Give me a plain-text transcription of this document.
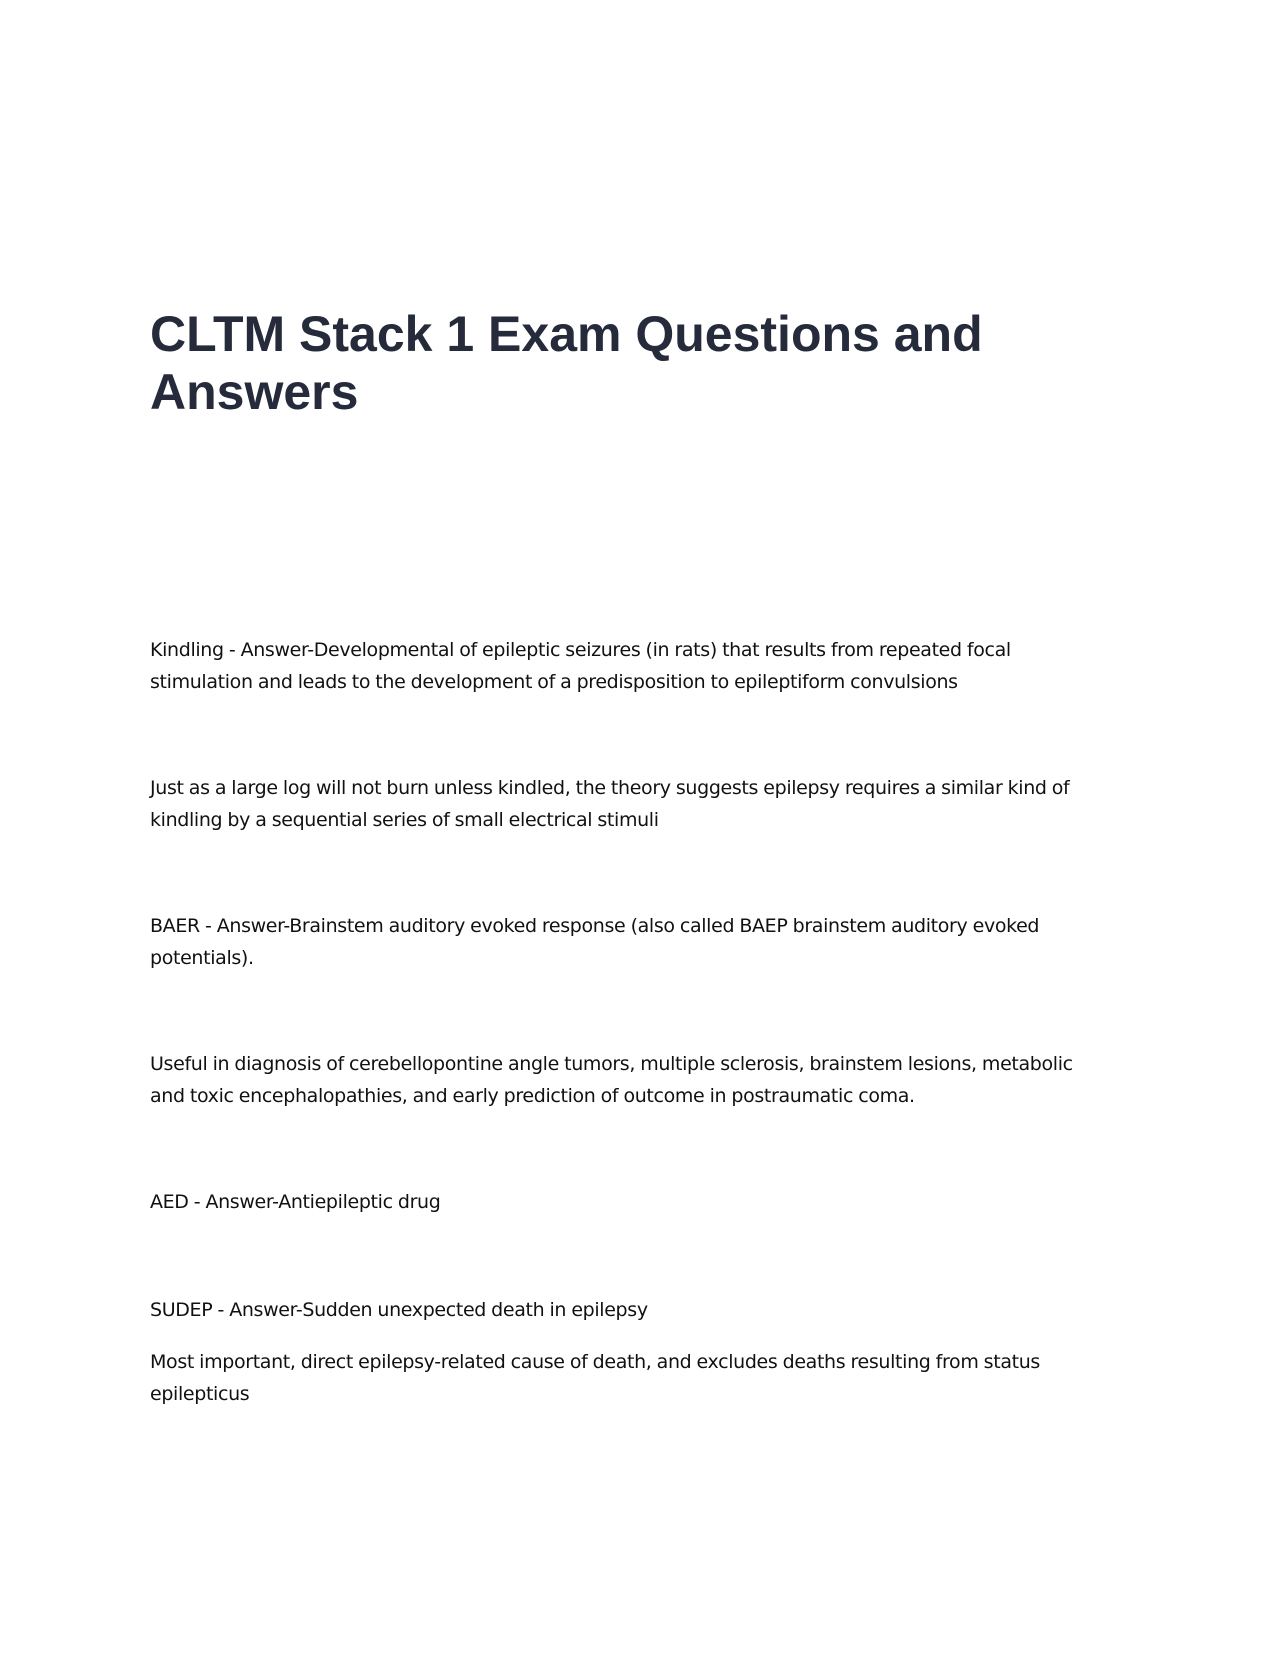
CLTM Stack 1 Exam Questions and Answers

Kindling - Answer-Developmental of epileptic seizures (in rats) that results from repeated focal stimulation and leads to the development of a predisposition to epileptiform convulsions

Just as a large log will not burn unless kindled, the theory suggests epilepsy requires a similar kind of kindling by a sequential series of small electrical stimuli

BAER - Answer-Brainstem auditory evoked response (also called BAEP brainstem auditory evoked potentials).

Useful in diagnosis of cerebellopontine angle tumors, multiple sclerosis, brainstem lesions, metabolic and toxic encephalopathies, and early prediction of outcome in postraumatic coma.

AED - Answer-Antiepileptic drug

SUDEP - Answer-Sudden unexpected death in epilepsy

Most important, direct epilepsy-related cause of death, and excludes deaths resulting from status epilepticus
